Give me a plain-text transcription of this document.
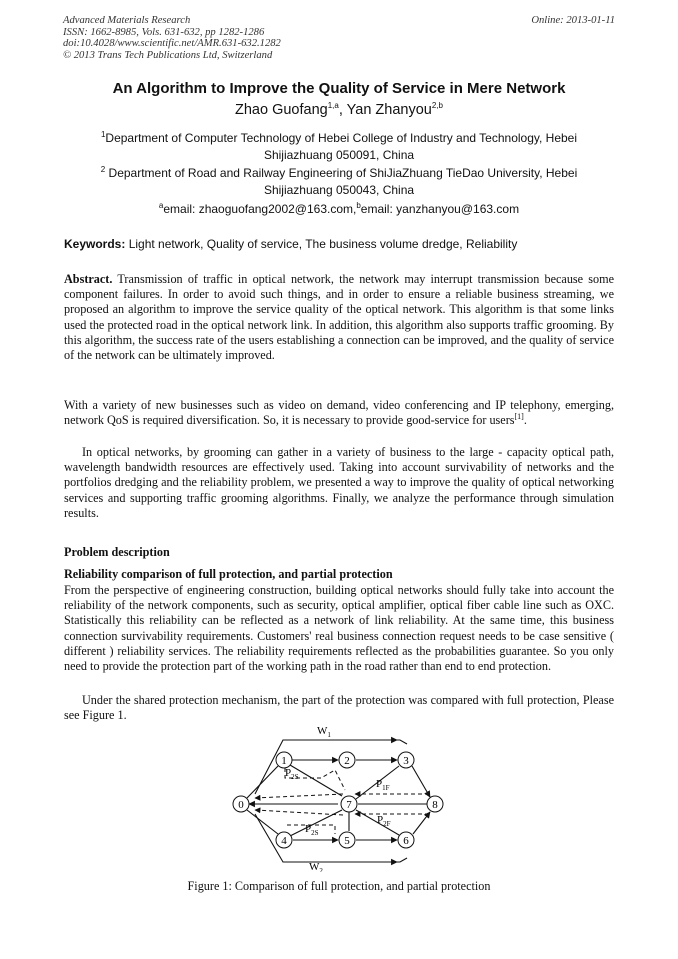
Advanced Materials Research
ISSN: 1662-8985, Vols. 631-632, pp 1282-1286
doi:10.4028/www.scientific.net/AMR.631-632.1282
© 2013 Trans Tech Publications Ltd, Switzerland
Online: 2013-01-11
An Algorithm to Improve the Quality of Service in Mere Network
Zhao Guofang$^{1,a}$, Yan Zhanyou$^{2,b}$
$^1$Department of Computer Technology of Hebei College of Industry and Technology, Hebei
Shijiazhuang 050091, China
$^2$ Department of Road and Railway Engineering of ShiJiaZhuang TieDao University, Hebei
Shijiazhuang 050043, China
$^a$email: zhaoguofang2002@163.com,$^b$email: yanzhanyou@163.com
Keywords: Light network, Quality of service, The business volume dredge, Reliability
Abstract. Transmission of traffic in optical network, the network may interrupt transmission because some component failures. In order to avoid such things, and in order to ensure a reliable business streaming, we proposed an algorithm to improve the service quality of the optical network. This algorithm is that some links used the protected road in the optical network link. In addition, this algorithm also supports traffic grooming. By this algorithm, the success rate of the users establishing a connection can be improved, and the quality of service of the network can be ultimately improved.
With a variety of new businesses such as video on demand, video conferencing and IP telephony, emerging, network QoS is required diversification. So, it is necessary to provide good-service for users[1].
In optical networks, by grooming can gather in a variety of business to the large - capacity optical path, wavelength bandwidth resources are effectively used. Taking into account survivability of networks and the portfolios dredging and the reliability problem, we presented a way to improve the quality of optical networking services and supporting traffic grooming algorithms. Finally, we analyze the performance through simulation results.
Problem description
Reliability comparison of full protection, and partial protection
From the perspective of engineering construction, building optical networks should fully take into account the reliability of the network components, such as security, optical amplifier, optical fiber cable line such as OXC. Statistically this reliability can be reflected as a network of link reliability. At the same time, this business connection survivability requirements. Customers' real business connection request needs to be case sensitive ( different ) reliability services. The reliability requirements reflected as the probabilities guarantee. So you only need to provide the protection part of the working path in the road rather than end to end protection.
Under the shared protection mechanism, the part of the protection was compared with full protection, Please see Figure 1.
0
1	2	3
4	5	6
7	8
$W_1$
$W_2$
$P_{2S}$
$P_{1F}$
$P_{2S}$
$P_{2F}$
Figure 1: Comparison of full protection, and partial protection
